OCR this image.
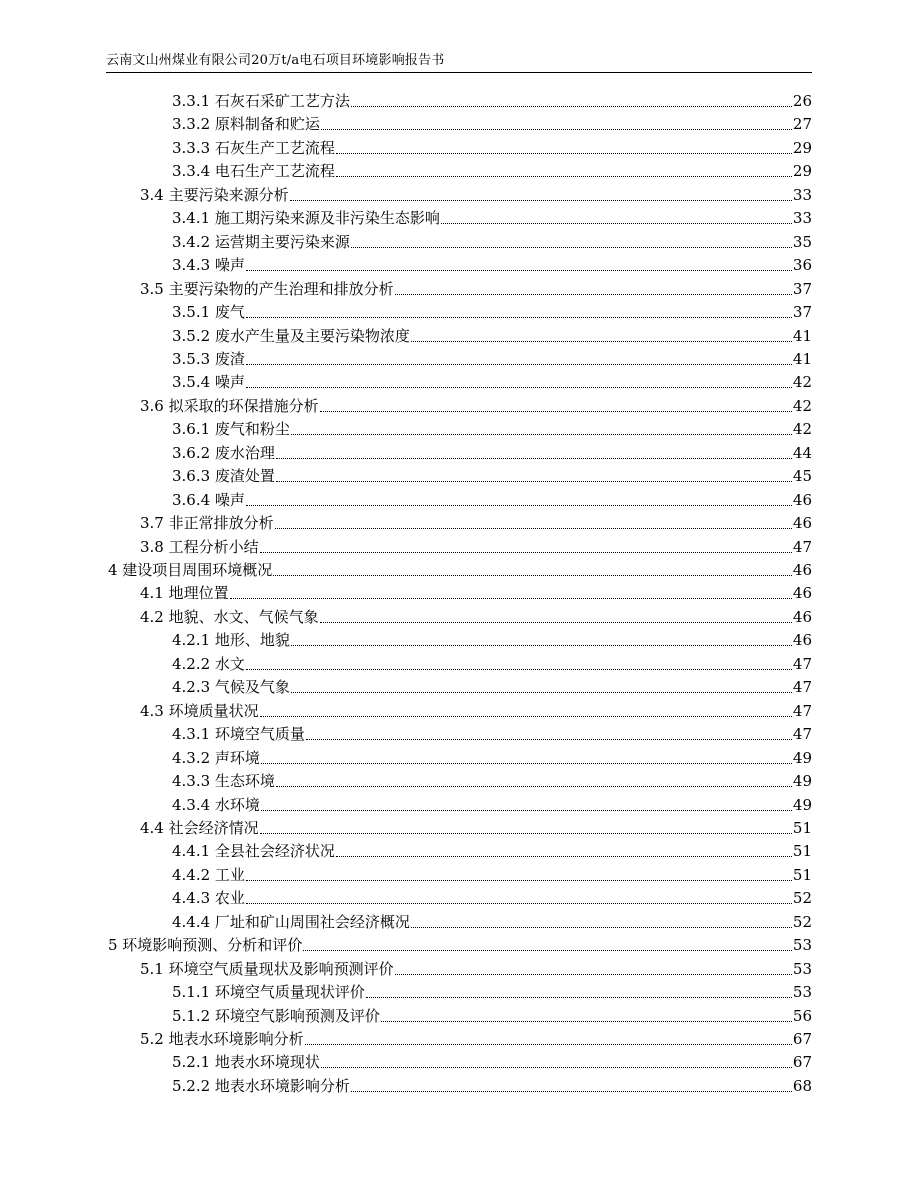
云南文山州煤业有限公司20万t/a电石项目环境影响报告书
3.3.1 石灰石采矿工艺方法	26
3.3.2 原料制备和贮运	27
3.3.3 石灰生产工艺流程	29
3.3.4 电石生产工艺流程	29
3.4 主要污染来源分析	33
3.4.1 施工期污染来源及非污染生态影响	33
3.4.2 运营期主要污染来源	35
3.4.3 噪声	36
3.5 主要污染物的产生治理和排放分析	37
3.5.1 废气	37
3.5.2 废水产生量及主要污染物浓度	41
3.5.3 废渣	41
3.5.4 噪声	42
3.6 拟采取的环保措施分析	42
3.6.1 废气和粉尘	42
3.6.2 废水治理	44
3.6.3 废渣处置	45
3.6.4 噪声	46
3.7 非正常排放分析	46
3.8 工程分析小结	47
4 建设项目周围环境概况	46
4.1 地理位置	46
4.2 地貌、水文、气候气象	46
4.2.1 地形、地貌	46
4.2.2 水文	47
4.2.3 气候及气象	47
4.3 环境质量状况	47
4.3.1 环境空气质量	47
4.3.2 声环境	49
4.3.3 生态环境	49
4.3.4 水环境	49
4.4 社会经济情况	51
4.4.1 全县社会经济状况	51
4.4.2 工业	51
4.4.3 农业	52
4.4.4 厂址和矿山周围社会经济概况	52
5 环境影响预测、分析和评价	53
5.1 环境空气质量现状及影响预测评价	53
5.1.1 环境空气质量现状评价	53
5.1.2 环境空气影响预测及评价	56
5.2 地表水环境影响分析	67
5.2.1 地表水环境现状	67
5.2.2 地表水环境影响分析	68
